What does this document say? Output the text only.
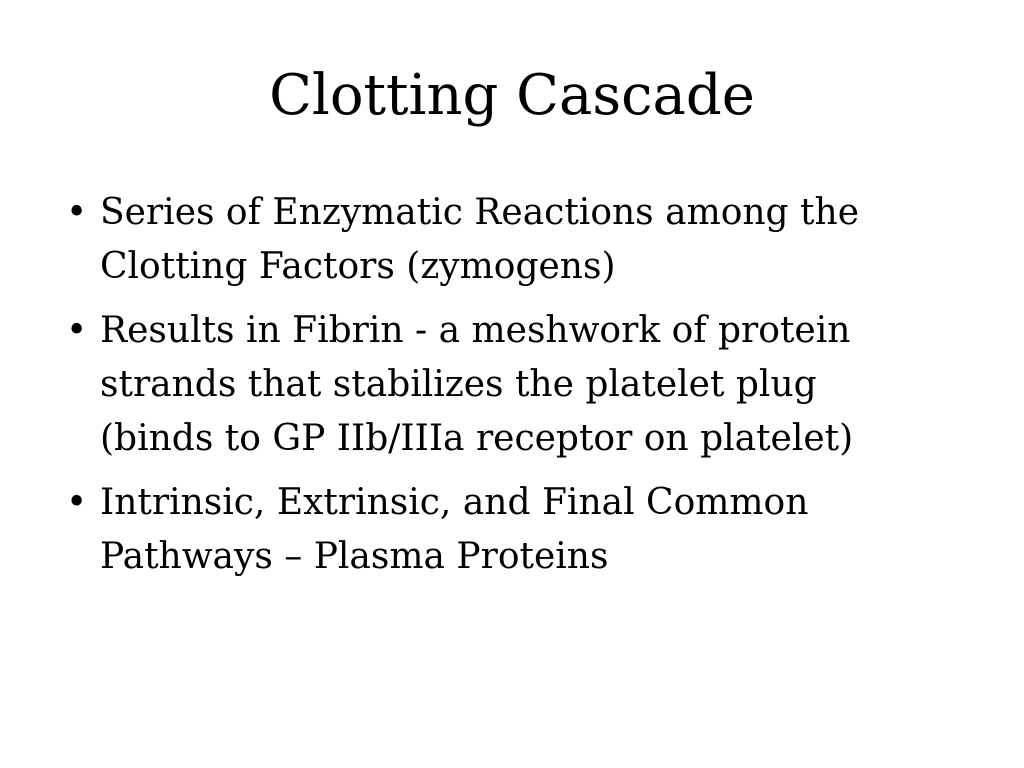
Clotting Cascade
• Series of Enzymatic Reactions among the
Clotting Factors (zymogens)
• Results in Fibrin - a meshwork of protein
strands that stabilizes the platelet plug
(binds to GP IIb/IIIa receptor on platelet)
• Intrinsic, Extrinsic, and Final Common
Pathways – Plasma Proteins
